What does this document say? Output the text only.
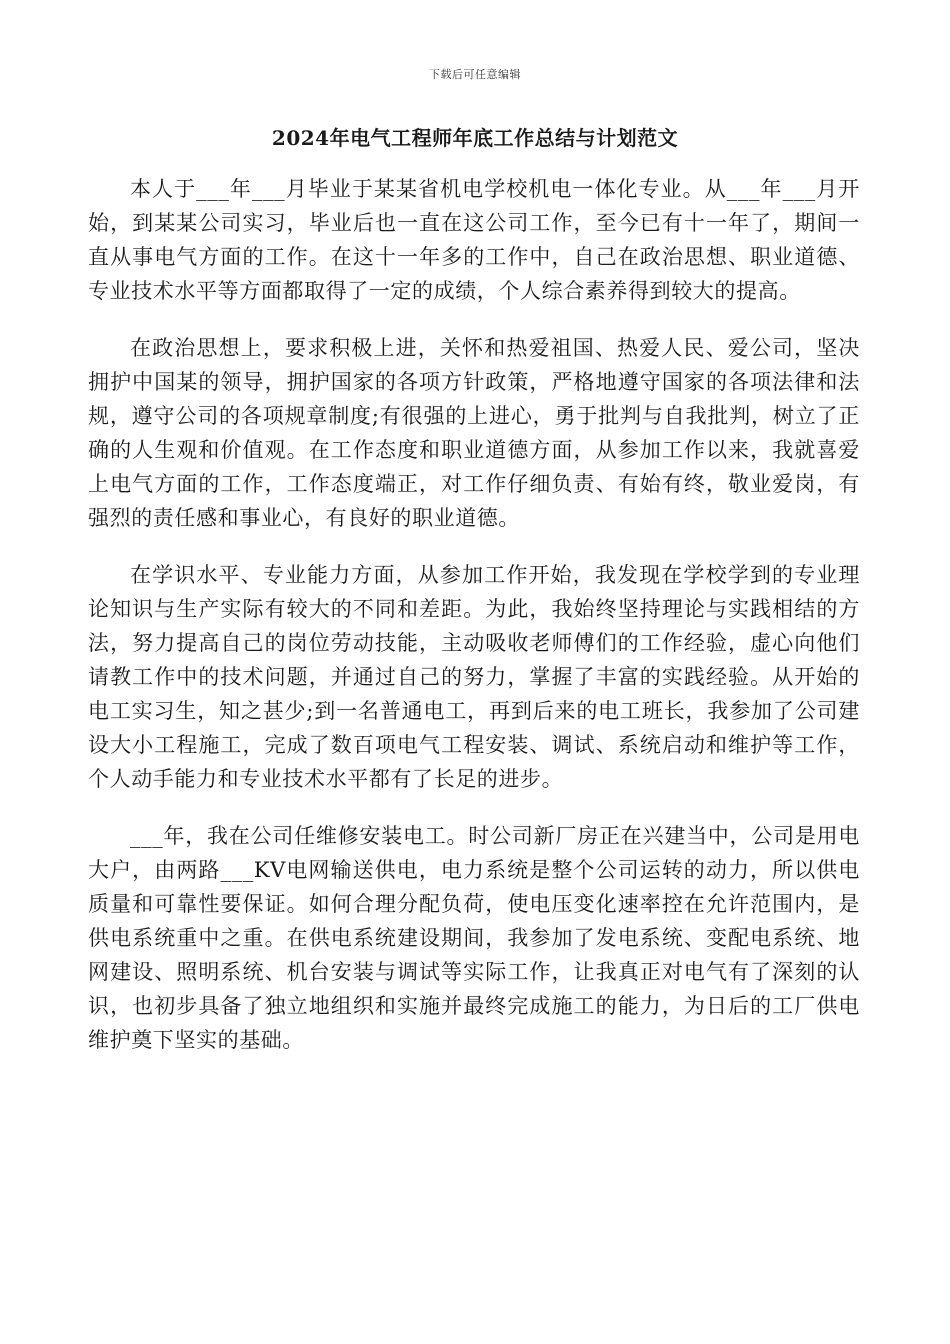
下载后可任意编辑
2024年电气工程师年底工作总结与计划范文

本人于___年___月毕业于某某省机电学校机电一体化专业。从___年___月开始，到某某公司实习，毕业后也一直在这公司工作，至今已有十一年了，期间一直从事电气方面的工作。在这十一年多的工作中，自己在政治思想、职业道德、专业技术水平等方面都取得了一定的成绩，个人综合素养得到较大的提高。

在政治思想上，要求积极上进，关怀和热爱祖国、热爱人民、爱公司，坚决拥护中国某的领导，拥护国家的各项方针政策，严格地遵守国家的各项法律和法规，遵守公司的各项规章制度;有很强的上进心，勇于批判与自我批判，树立了正确的人生观和价值观。在工作态度和职业道德方面，从参加工作以来，我就喜爱上电气方面的工作，工作态度端正，对工作仔细负责、有始有终，敬业爱岗，有强烈的责任感和事业心，有良好的职业道德。

在学识水平、专业能力方面，从参加工作开始，我发现在学校学到的专业理论知识与生产实际有较大的不同和差距。为此，我始终坚持理论与实践相结的方法，努力提高自己的岗位劳动技能，主动吸收老师傅们的工作经验，虚心向他们请教工作中的技术问题，并通过自己的努力，掌握了丰富的实践经验。从开始的电工实习生，知之甚少;到一名普通电工，再到后来的电工班长，我参加了公司建设大小工程施工，完成了数百项电气工程安装、调试、系统启动和维护等工作，个人动手能力和专业技术水平都有了长足的进步。

___年，我在公司任维修安装电工。时公司新厂房正在兴建当中，公司是用电大户，由两路___KV电网输送供电，电力系统是整个公司运转的动力，所以供电质量和可靠性要保证。如何合理分配负荷，使电压变化速率控在允许范围内，是供电系统重中之重。在供电系统建设期间，我参加了发电系统、变配电系统、地网建设、照明系统、机台安装与调试等实际工作，让我真正对电气有了深刻的认识，也初步具备了独立地组织和实施并最终完成施工的能力，为日后的工厂供电维护奠下坚实的基础。
